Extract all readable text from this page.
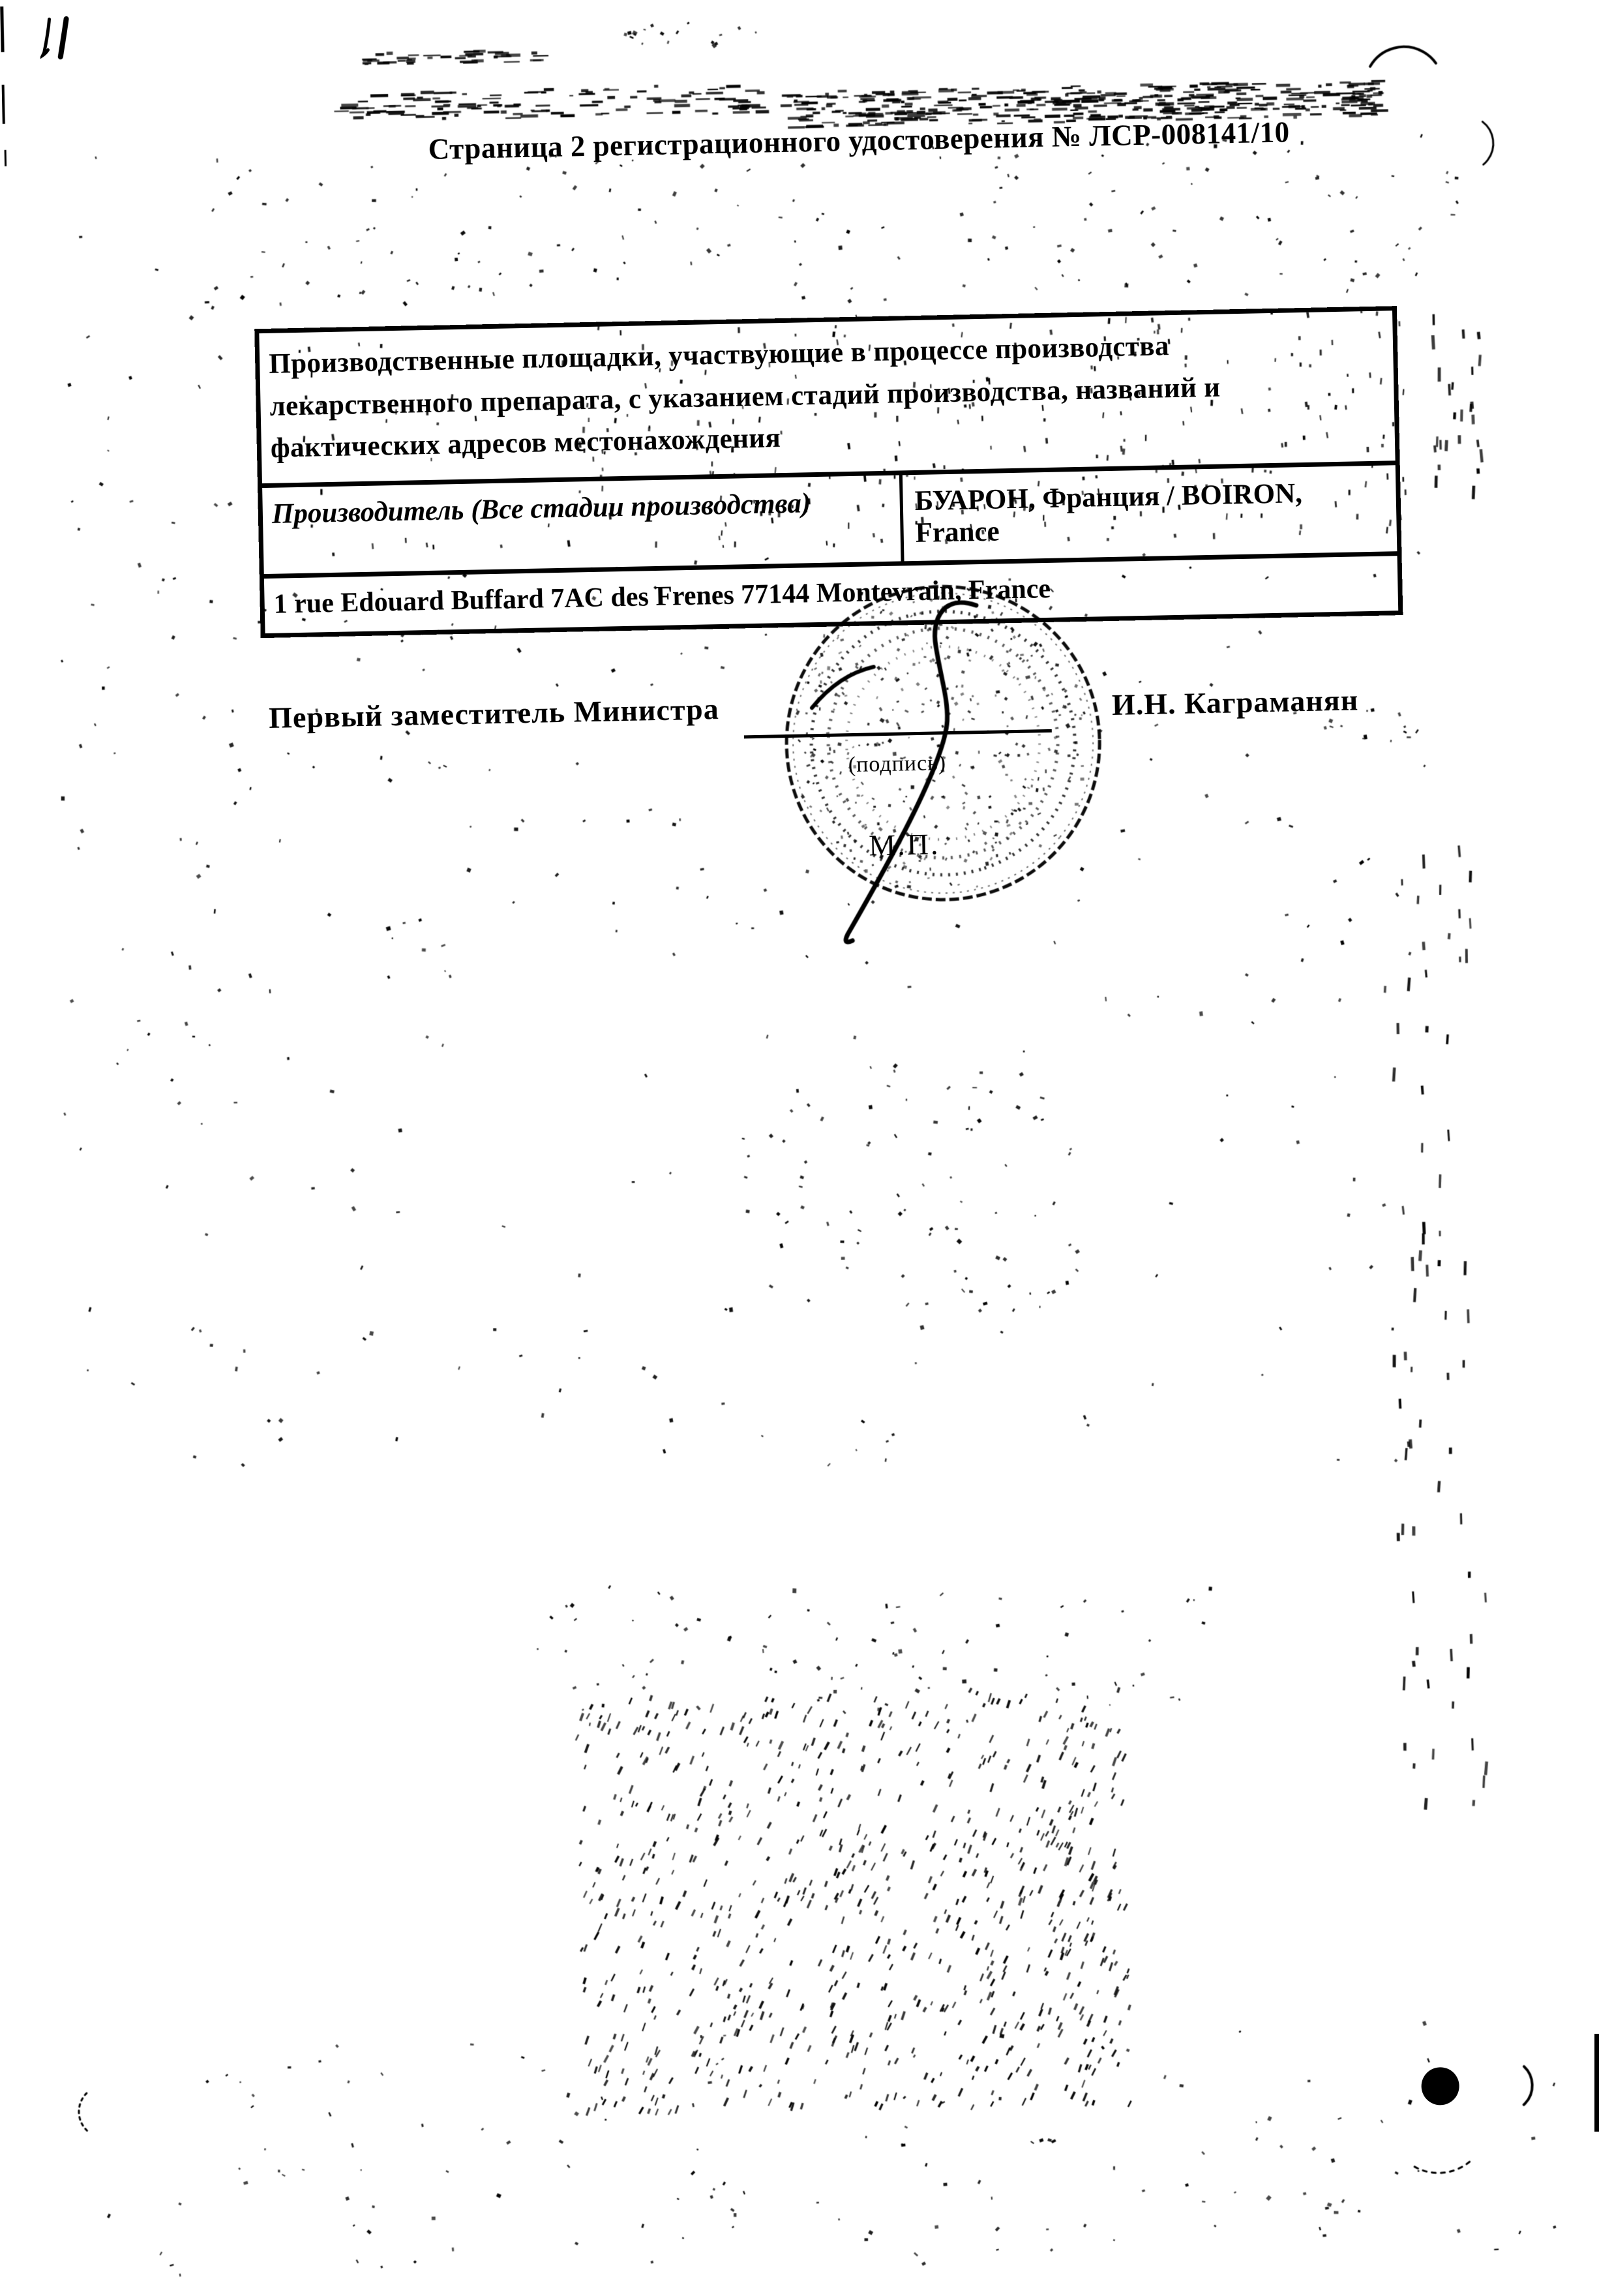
Страница 2 регистрационного удостоверения № ЛСР-008141/10
Производственные площадки, участвующие в процессе производства
лекарственного препарата, с указанием стадий производства, названий и
фактических адресов местонахождения
Производитель (Все стадии производства)	БУАРОН, Франция / BOIRON, France
1 rue Edouard Buffard 7AC des Frenes 77144 Montevrain, France
Первый заместитель Министра
(подпись)
М.П.
И.Н. Каграманян
